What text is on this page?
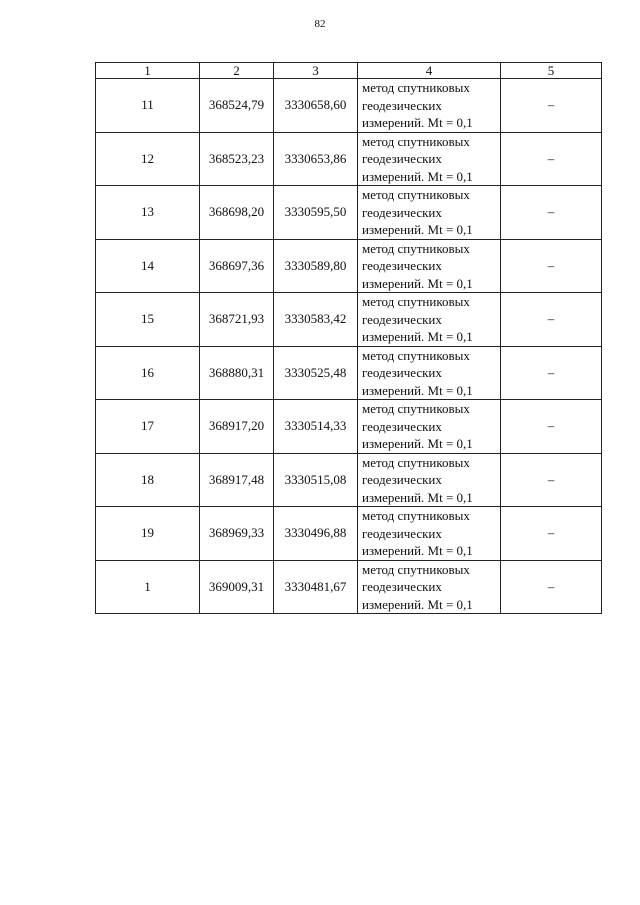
82
1	2	3	4	5
11	368524,79	3330658,60	метод спутниковых
геодезических
измерений. Mt = 0,1	–
12	368523,23	3330653,86	метод спутниковых
геодезических
измерений. Mt = 0,1	–
13	368698,20	3330595,50	метод спутниковых
геодезических
измерений. Mt = 0,1	–
14	368697,36	3330589,80	метод спутниковых
геодезических
измерений. Mt = 0,1	–
15	368721,93	3330583,42	метод спутниковых
геодезических
измерений. Mt = 0,1	–
16	368880,31	3330525,48	метод спутниковых
геодезических
измерений. Mt = 0,1	–
17	368917,20	3330514,33	метод спутниковых
геодезических
измерений. Mt = 0,1	–
18	368917,48	3330515,08	метод спутниковых
геодезических
измерений. Mt = 0,1	–
19	368969,33	3330496,88	метод спутниковых
геодезических
измерений. Mt = 0,1	–
1	369009,31	3330481,67	метод спутниковых
геодезических
измерений. Mt = 0,1	–
